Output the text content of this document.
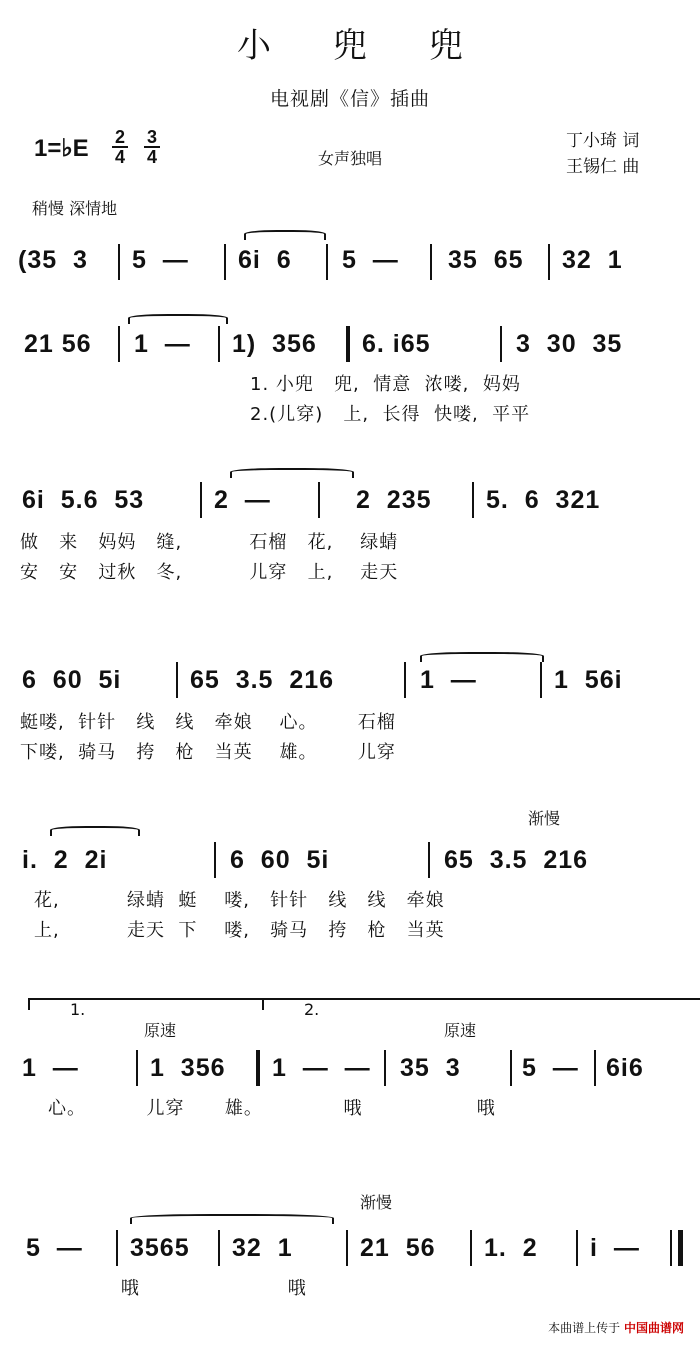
小兜兜
电视剧《信》插曲
1=♭E $\frac{2}{4} \frac{3}{4}$	女声独唱
丁小琦 词
王锡仁 曲
稍慢 深情地
(35  3 5  — 6i  6 5  — 35  65 32  1
21 56 1  — 1)  356 6. i65	3  30  35
1. 小兜   兜,  情意  浓喽,  妈妈
2.(儿穿)   上,  长得  快喽,  平平
6i  5.6  53	2  —	2  235 5.  6  321
做   来   妈妈   缝,          石榴   花,    绿蜻
安   安   过秋   冬,          儿穿   上,    走天
6  60  5i	65  3.5  216	1  —	1  56i
蜓喽,  针针   线   线   牵娘    心。      石榴
下喽,  骑马   挎   枪   当英    雄。      儿穿
渐慢
i.  2  2i	6  60  5i	65  3.5  216
花,          绿蜻  蜓    喽,   针针   线   线   牵娘
上,          走天  下    喽,   骑马   挎   枪   当英
1.	2.
原速	原速
1  —	1  356 1  —  — 35  3 5  — 6i6
心。         儿穿      雄。            哦                 哦
渐慢
5  — 3565 32  1	21  56 1.  2 i  —
哦                      哦
本曲谱上传于 中国曲谱网
